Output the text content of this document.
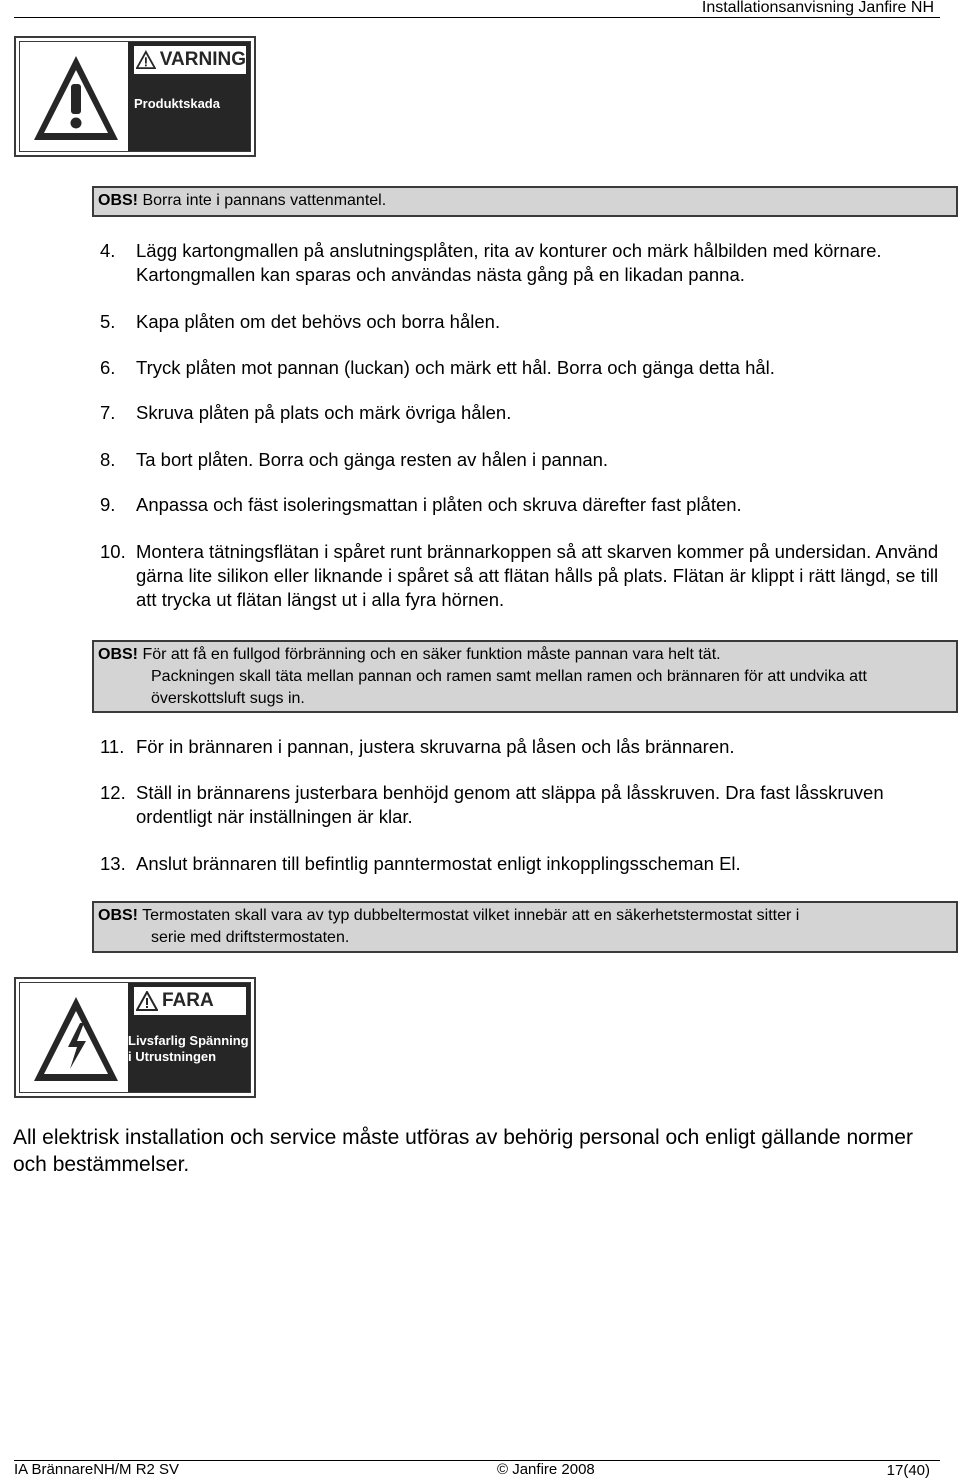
Installationsanvisning Janfire NH
VARNING
Produktskada
OBS! Borra inte i pannans vattenmantel.
4. Lägg kartongmallen på anslutningsplåten, rita av konturer och märk hålbilden med körnare. Kartongmallen kan sparas och användas nästa gång på en likadan panna.
5. Kapa plåten om det behövs och borra hålen.
6. Tryck plåten mot pannan (luckan) och märk ett hål. Borra och gänga detta hål.
7. Skruva plåten på plats och märk övriga hålen.
8. Ta bort plåten. Borra och gänga resten av hålen i pannan.
9. Anpassa och fäst isoleringsmattan i plåten och skruva därefter fast plåten.
10. Montera tätningsflätan i spåret runt brännarkoppen så att skarven kommer på undersidan. Använd gärna lite silikon eller liknande i spåret så att flätan hålls på plats. Flätan är klippt i rätt längd, se till att trycka ut flätan längst ut i alla fyra hörnen.
OBS! För att få en fullgod förbränning och en säker funktion måste pannan vara helt tät.
Packningen skall täta mellan pannan och ramen samt mellan ramen och brännaren för att undvika att överskottsluft sugs in.
11. För in brännaren i pannan, justera skruvarna på låsen och lås brännaren.
12. Ställ in brännarens justerbara benhöjd genom att släppa på låsskruven. Dra fast låsskruven ordentligt när inställningen är klar.
13. Anslut brännaren till befintlig panntermostat enligt inkopplingsscheman El.
OBS! Termostaten skall vara av typ dubbeltermostat vilket innebär att en säkerhetstermostat sitter i
serie med driftstermostaten.
FARA
Livsfarlig Spänning
i Utrustningen
All elektrisk installation och service måste utföras av behörig personal och enligt gällande normer och bestämmelser.
IA BrännareNH/M R2 SV	© Janfire 2008	17(40)
